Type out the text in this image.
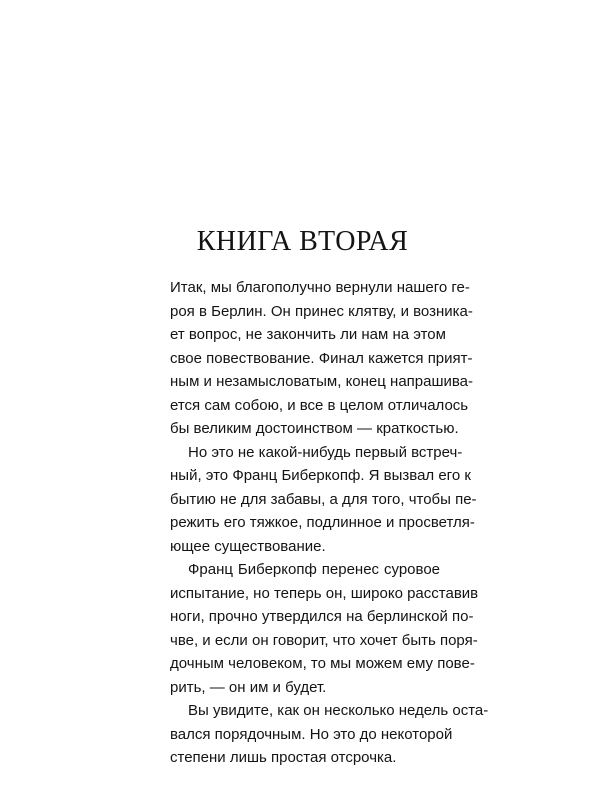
КНИГА ВТОРАЯ
Итак, мы благополучно вернули нашего ге-
роя в Берлин. Он принес клятву, и возника-
ет вопрос, не закончить ли нам на этом
свое повествование. Финал кажется прият-
ным и незамысловатым, конец напрашива-
ется сам собою, и все в целом отличалось
бы великим достоинством — краткостью.
Но это не какой-нибудь первый встреч-
ный, это Франц Биберкопф. Я вызвал его к
бытию не для забавы, а для того, чтобы пе-
режить его тяжкое, подлинное и просветля-
ющее существование.
Франц Биберкопф перенес суровое
испытание, но теперь он, широко расставив
ноги, прочно утвердился на берлинской по-
чве, и если он говорит, что хочет быть поря-
дочным человеком, то мы можем ему пове-
рить, — он им и будет.
Вы увидите, как он несколько недель оста-
вался порядочным. Но это до некоторой
степени лишь простая отсрочка.
